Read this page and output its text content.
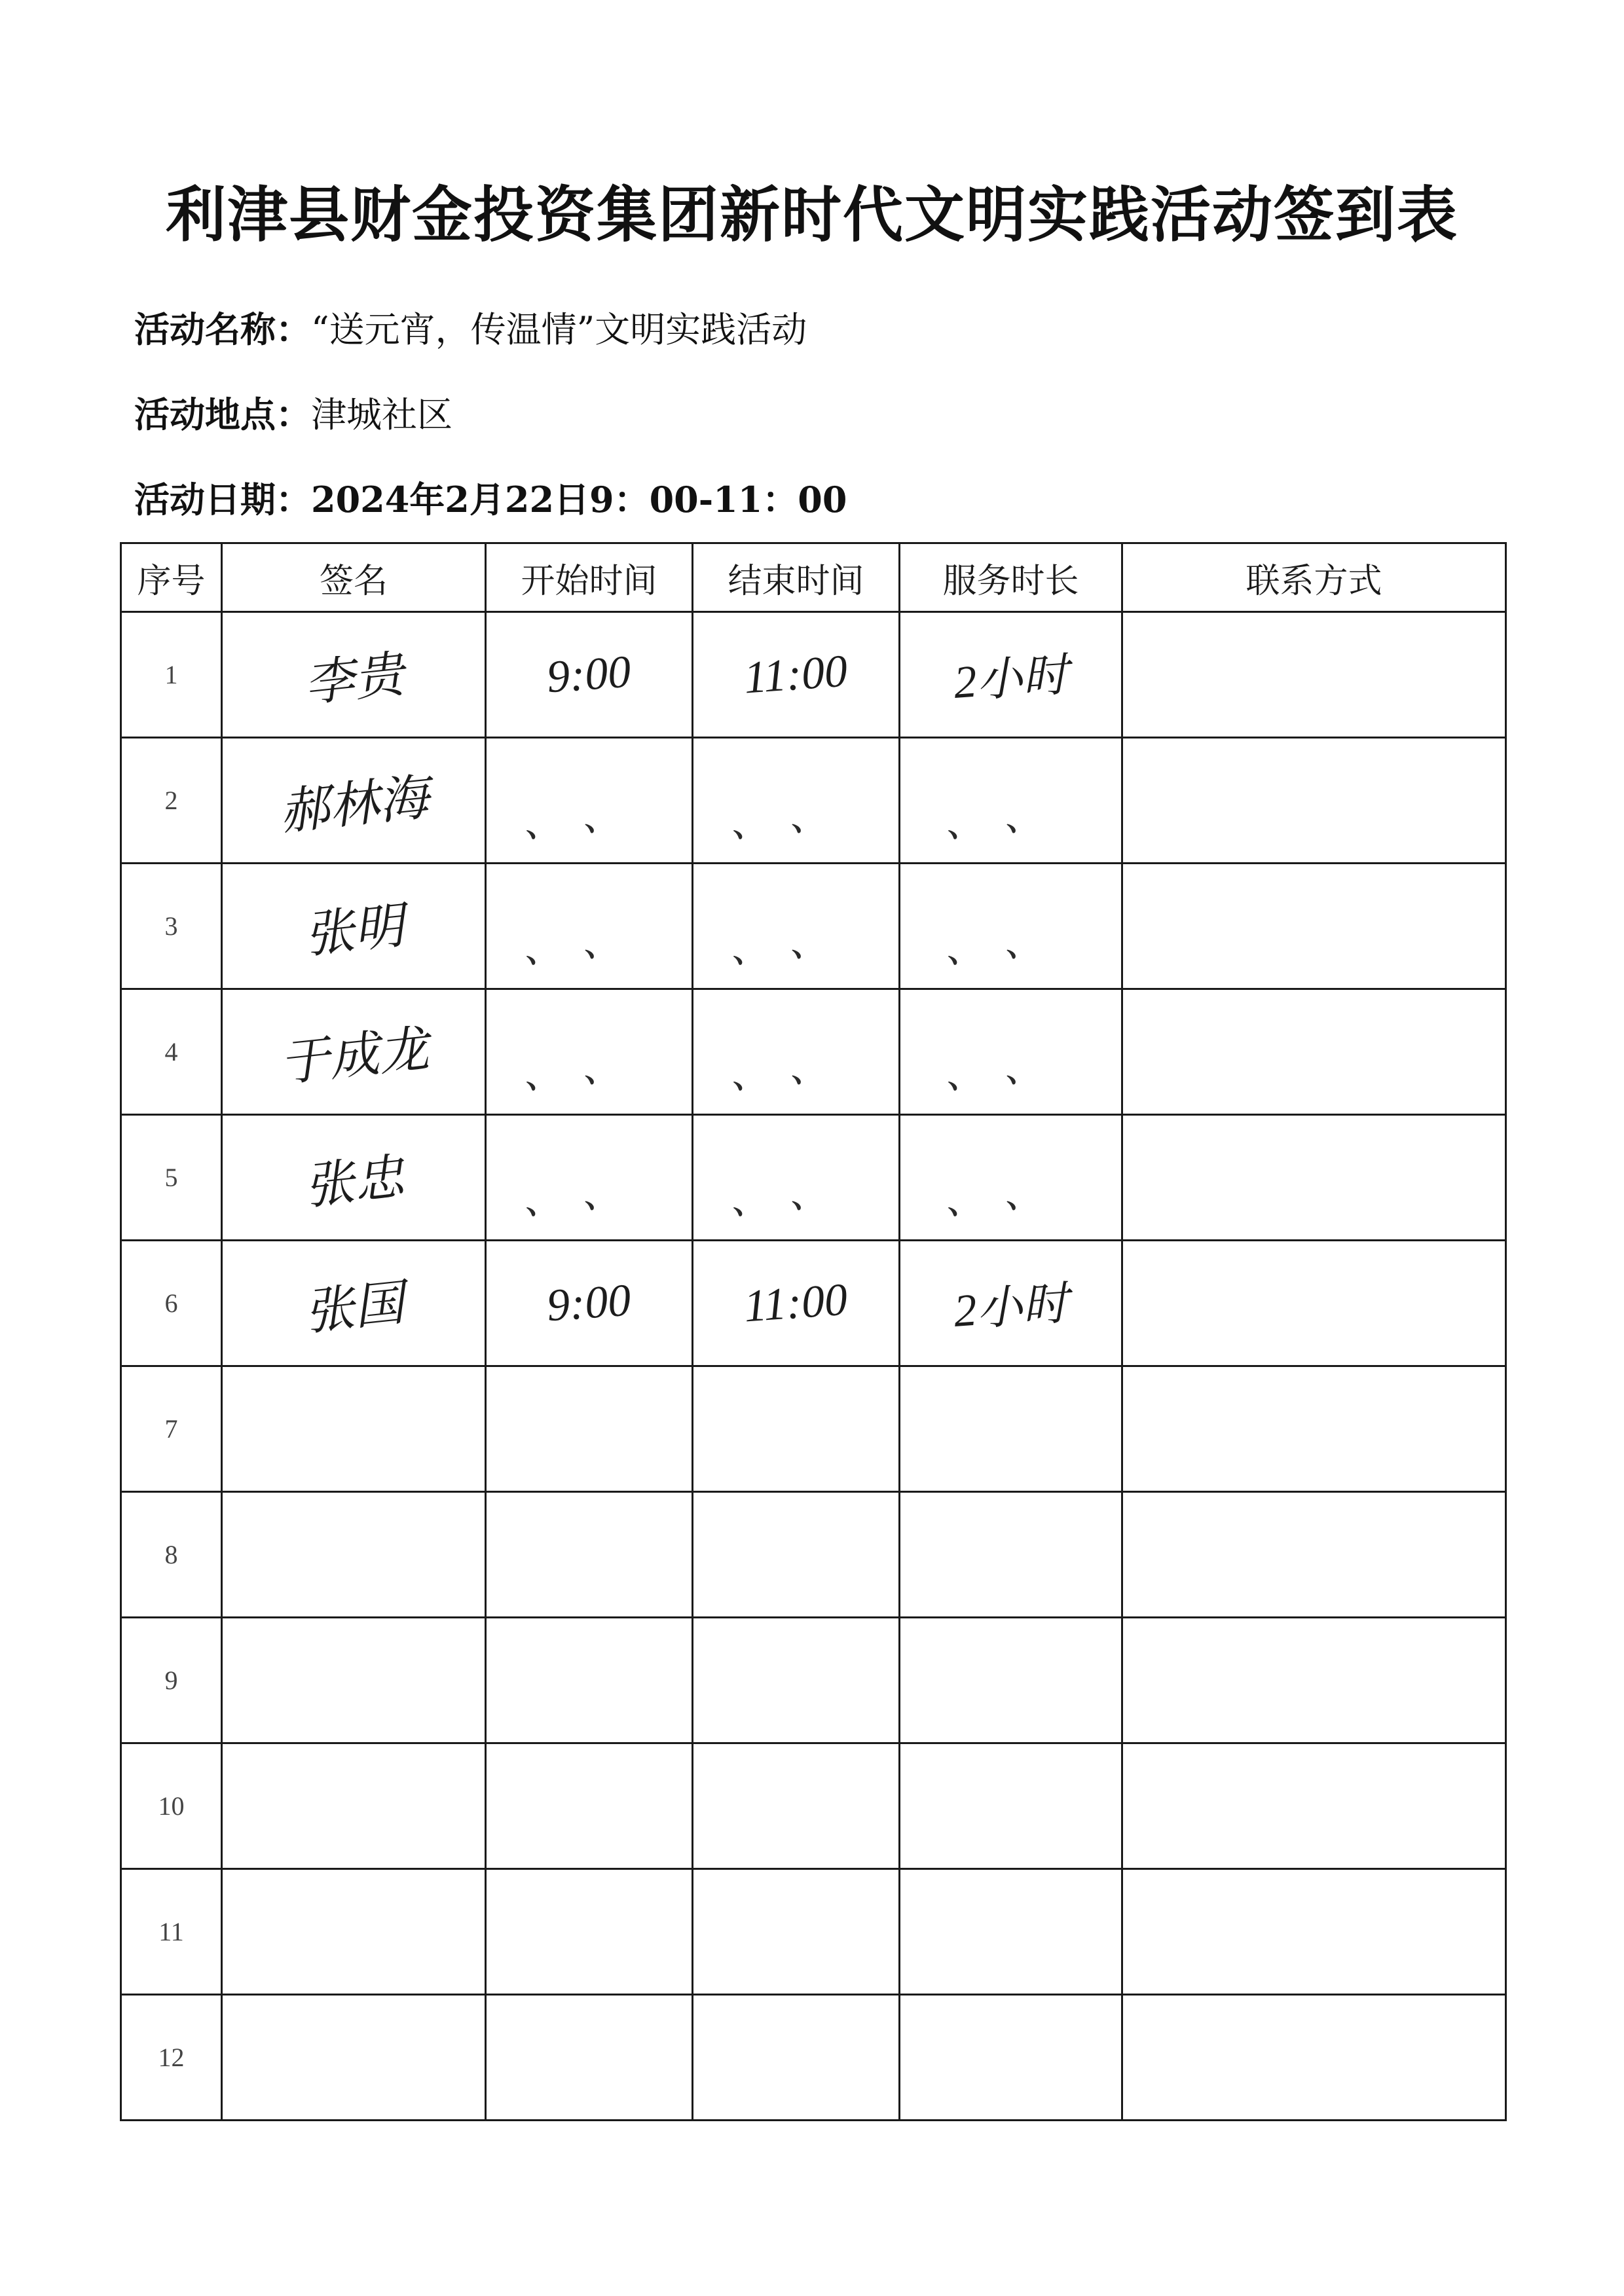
利津县财金投资集团新时代文明实践活动签到表
活动名称：“送元宵，传温情”文明实践活动
活动地点：津城社区
活动日期：2024年2月22日9：00-11：00
序号	签名	开始时间	结束时间	服务时长	联系方式
1	李贵	9:00	11:00	2小时	
2	郝林海	、、	、、	、、	
3	张明	、、	、、	、、	
4	于成龙	、、	、、	、、	
5	张忠	、、	、、	、、	
6	张国	9:00	11:00	2小时	
7					
8					
9					
10					
11					
12					
